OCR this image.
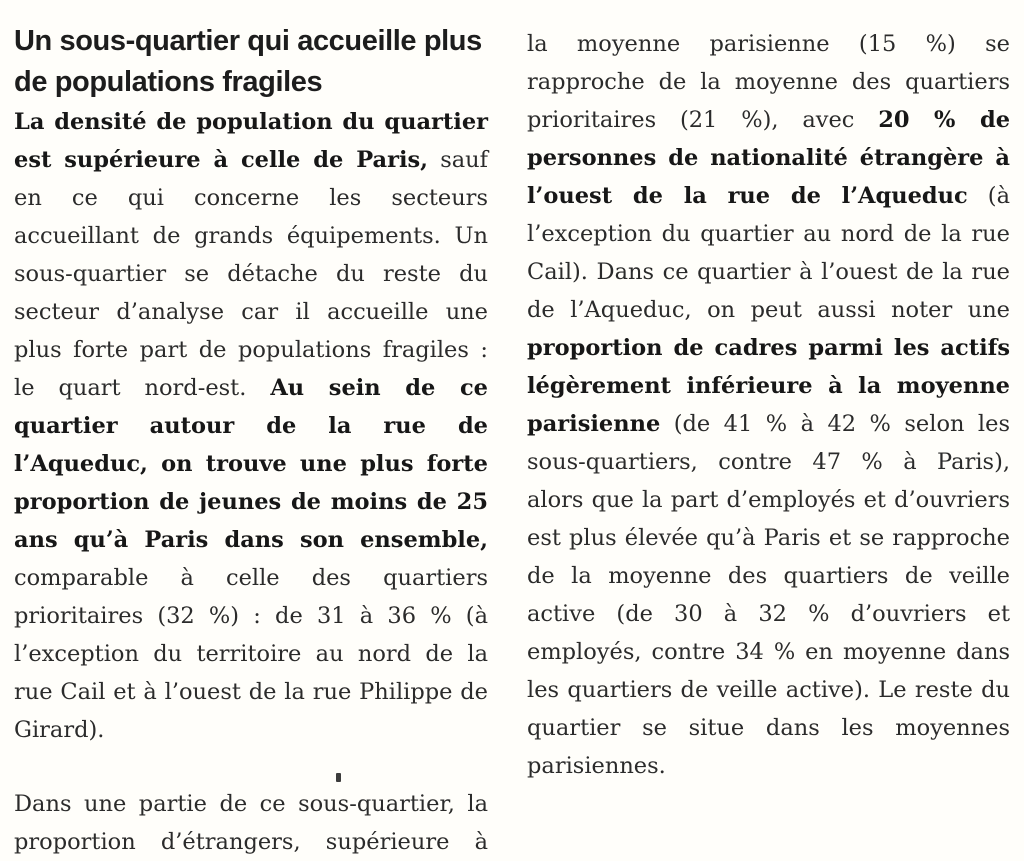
Un sous-quartier qui accueille plus de populations fragiles

La densité de population du quartier est supérieure à celle de Paris, sauf en ce qui concerne les secteurs accueillant de grands équipements. Un sous-quartier se détache du reste du secteur d’analyse car il accueille une plus forte part de populations fragiles : le quart nord-est. Au sein de ce quartier autour de la rue de l’Aqueduc, on trouve une plus forte proportion de jeunes de moins de 25 ans qu’à Paris dans son ensemble, comparable à celle des quartiers prioritaires (32 %) : de 31 à 36 % (à l’exception du territoire au nord de la rue Cail et à l’ouest de la rue Philippe de Girard).

Dans une partie de ce sous-quartier, la proportion d’étrangers, supérieure à

la moyenne parisienne (15 %) se rapproche de la moyenne des quartiers prioritaires (21 %), avec 20 % de personnes de nationalité étrangère à l’ouest de la rue de l’Aqueduc (à l’exception du quartier au nord de la rue Cail). Dans ce quartier à l’ouest de la rue de l’Aqueduc, on peut aussi noter une proportion de cadres parmi les actifs légèrement inférieure à la moyenne parisienne (de 41 % à 42 % selon les sous-quartiers, contre 47 % à Paris), alors que la part d’employés et d’ouvriers est plus élevée qu’à Paris et se rapproche de la moyenne des quartiers de veille active (de 30 à 32 % d’ouvriers et employés, contre 34 % en moyenne dans les quartiers de veille active). Le reste du quartier se situe dans les moyennes parisiennes.
